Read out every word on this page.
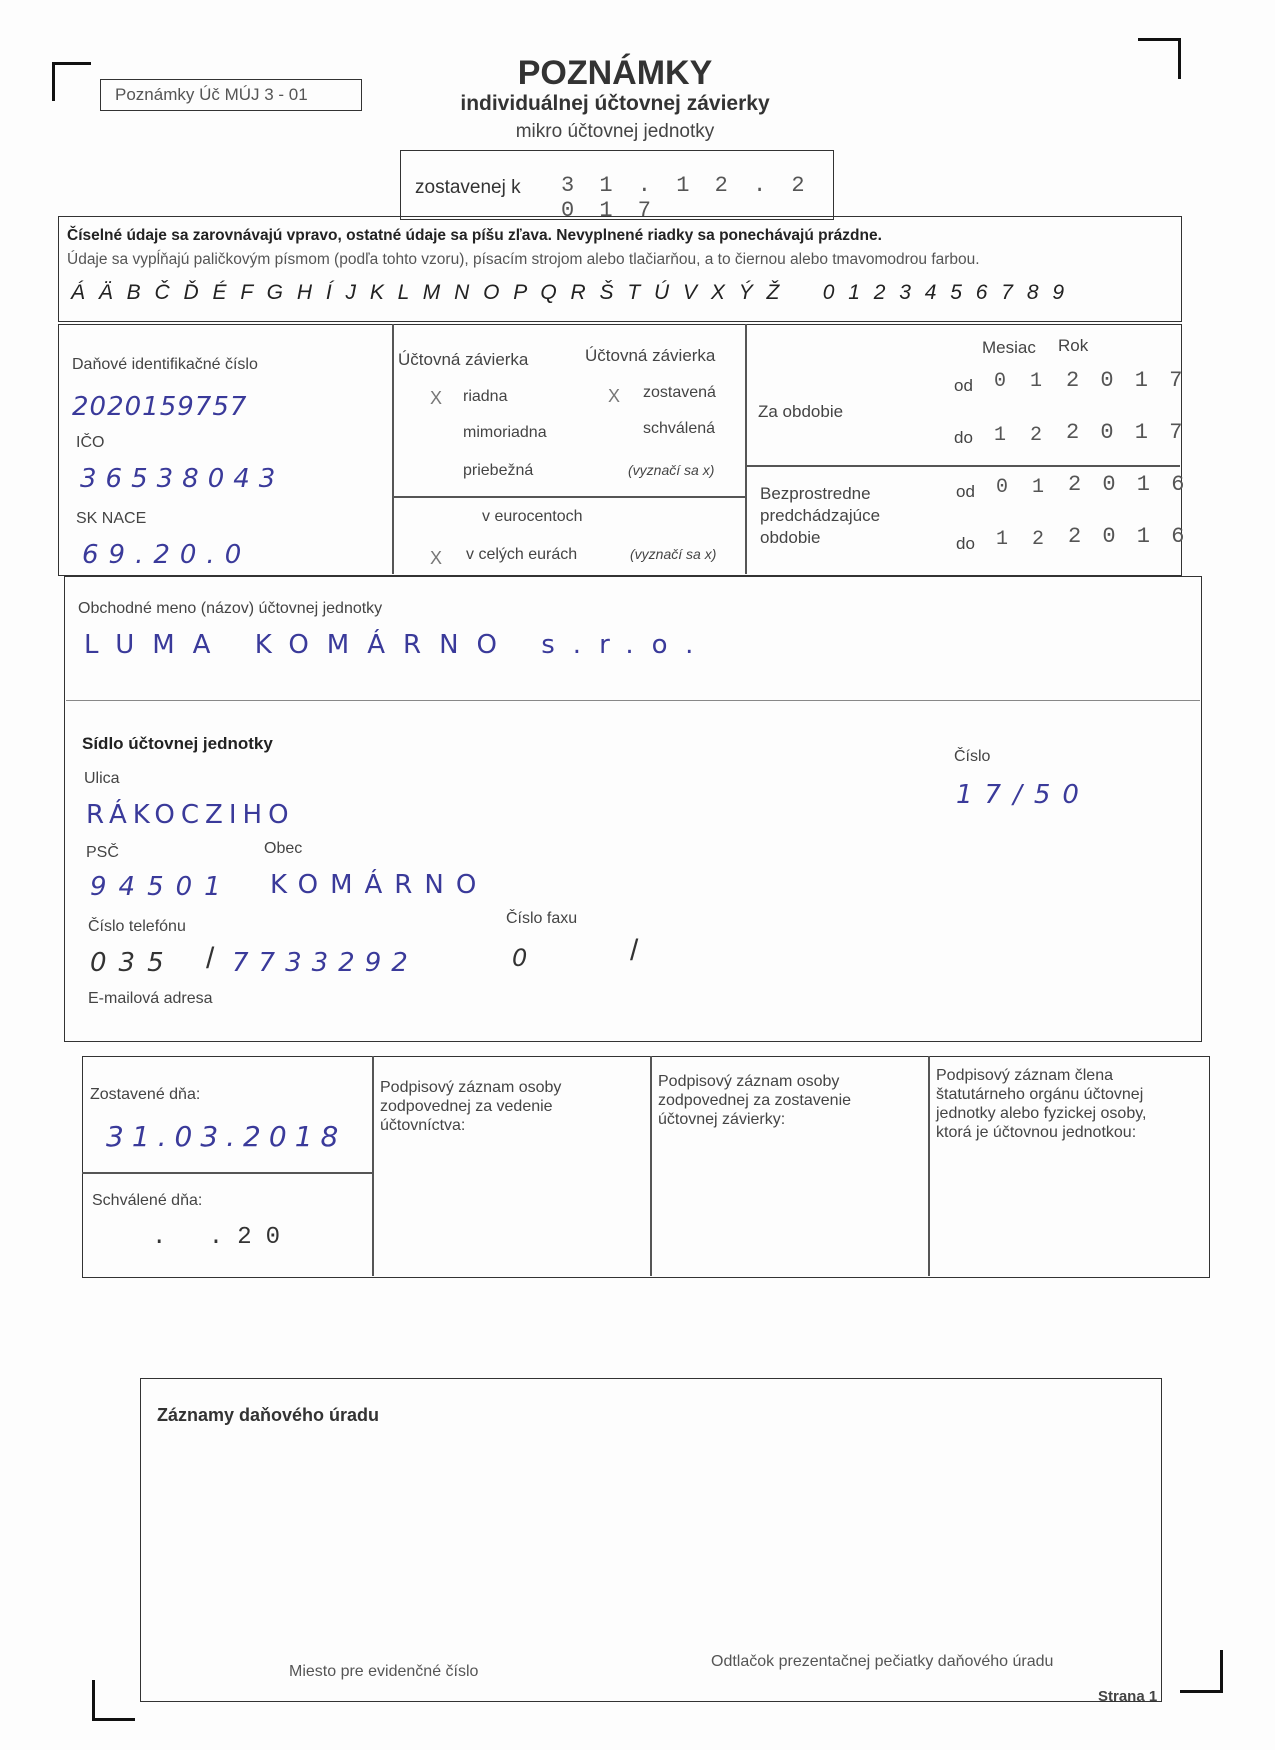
Poznámky Úč MÚJ 3 - 01
POZNÁMKY
individuálnej účtovnej závierky
mikro účtovnej jednotky
zostavenej k 3 1 . 1 2 . 2 0 1 7
Číselné údaje sa zarovnávajú vpravo, ostatné údaje sa píšu zľava. Nevyplnené riadky sa ponechávajú prázdne.
Údaje sa vypĺňajú paličkovým písmom (podľa tohto vzoru), písacím strojom alebo tlačiarňou, a to čiernou alebo tmavomodrou farbou.
Á Ä B Č Ď É F G H Í J K L M N O P Q R Š T Ú V X Ý Ž    0 1 2 3 4 5 6 7 8 9
Daňové identifikačné číslo
2020159757
IČO
36538043
SK NACE
69.20.0
Účtovná závierka	Účtovná závierka
X riadna
mimoriadna
priebežná
X zostavená
schválená
(vyznačí sa x)
v eurocentoch
X v celých eurách	(vyznačí sa x)
Mesiac Rok
Za obdobie
od 0 1 2 0 1 7
do 1 2 2 0 1 7
Bezprostredne
predchádzajúce
obdobie
od 0 1 2 0 1 6
do 1 2 2 0 1 6
Obchodné meno (názov) účtovnej jednotky
LUMA KOMÁRNO s.r.o.
Sídlo účtovnej jednotky
Ulica
RÁKOCZIHO
Číslo
17/50
PSČ	Obec
94501 KOMÁRNO
Číslo telefónu
035 / 7733292
Číslo faxu
0	/
E-mailová adresa
Zostavené dňa:
31.03.2018
Schválené dňa:
. .20
Podpisový záznam osoby zodpovednej za vedenie účtovníctva:
Podpisový záznam osoby zodpovednej za zostavenie účtovnej závierky:
Podpisový záznam člena štatutárneho orgánu účtovnej jednotky alebo fyzickej osoby, ktorá je účtovnou jednotkou:
Záznamy daňového úradu
Miesto pre evidenčné číslo
Odtlačok prezentačnej pečiatky daňového úradu
Strana 1
